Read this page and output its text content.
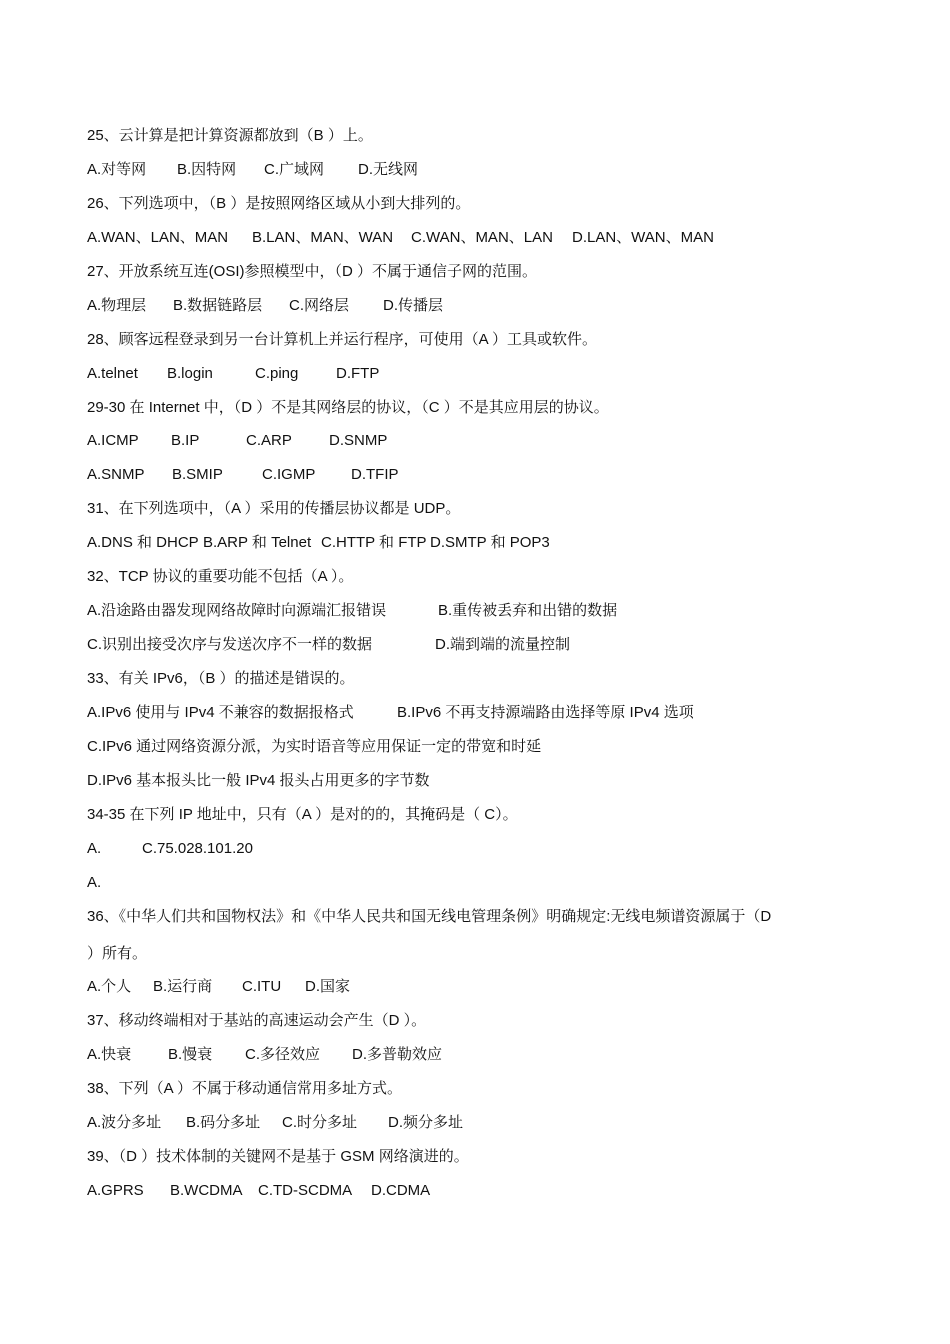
25、云计算是把计算资源都放到（B ）上。
A.对等网 B.因特网 C.广域网 D.无线网
26、下列选项中，（B ）是按照网络区域从小到大排列的。
A.WAN、LAN、MAN B.LAN、MAN、WAN C.WAN、MAN、LAN D.LAN、WAN、MAN
27、开放系统互连(OSI)参照模型中，（D ）不属于通信子网的范围。
A.物理层 B.数据链路层 C.网络层 D.传播层
28、顾客远程登录到另一台计算机上并运行程序，可使用（A ）工具或软件。
A.telnet B.login	C.ping	D.FTP
29-30 在 Internet 中，（D ）不是其网络层的协议，（C ）不是其应用层的协议。
A.ICMP B.IP	C.ARP D.SNMP
A.SNMP B.SMIP	C.IGMP D.TFIP
31、在下列选项中，（A ）采用的传播层协议都是 UDP。
A.DNS 和 DHCP B.ARP 和 Telnet C.HTTP 和 FTP D.SMTP 和 POP3
32、TCP 协议的重要功能不包括（A ）。
A.沿途路由器发现网络故障时向源端汇报错误	B.重传被丢弃和出错的数据
C.识别出接受次序与发送次序不一样的数据	D.端到端的流量控制
33、有关 IPv6，（B ）的描述是错误的。
A.IPv6 使用与 IPv4 不兼容的数据报格式	B.IPv6 不再支持源端路由选择等原 IPv4 选项
C.IPv6 通过网络资源分派，为实时语音等应用保证一定的带宽和时延
D.IPv6 基本报头比一般 IPv4 报头占用更多的字节数
34-35 在下列 IP 地址中，只有（A ）是对的的，其掩码是（ C）。
A.	C.75.028.101.20
A.
36、《中华人们共和国物权法》和《中华人民共和国无线电管理条例》明确规定:无线电频谱资源属于（D
）所有。
A.个人 B.运行商 C.ITU D.国家
37、移动终端相对于基站的高速运动会产生（D ）。
A.快衰 B.慢衰 C.多径效应 D.多普勒效应
38、下列（A ）不属于移动通信常用多址方式。
A.波分多址 B.码分多址 C.时分多址 D.频分多址
39、（D ）技术体制的关键网不是基于 GSM 网络演进的。
A.GPRS B.WCDMA C.TD-SCDMA D.CDMA
